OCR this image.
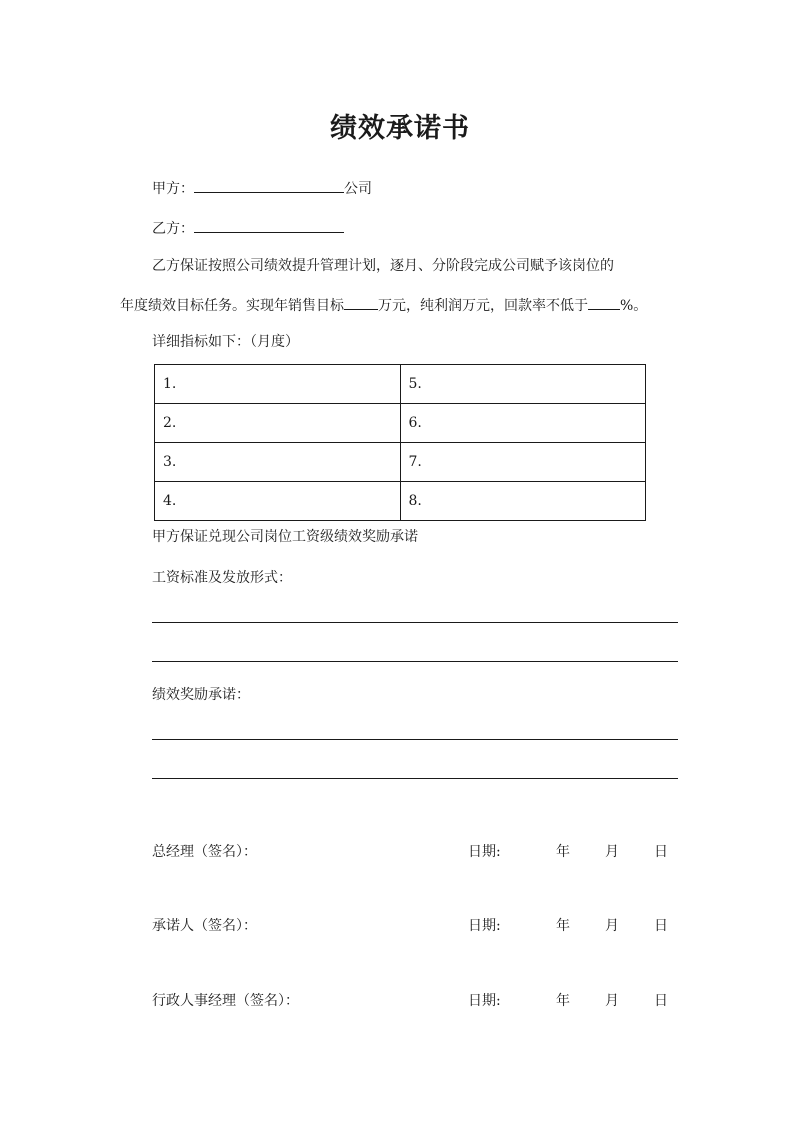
绩效承诺书
甲方：	公司
乙方：
乙方保证按照公司绩效提升管理计划，逐月、分阶段完成公司赋予该岗位的
年度绩效目标任务。实现年销售目标 万元，纯利润万元，回款率不低于 %。
详细指标如下：（月度）
1.	5.
2.	6.
3.	7.
4.	8.
甲方保证兑现公司岗位工资级绩效奖励承诺
工资标准及发放形式：
绩效奖励承诺：
总经理（签名）：	日期:	年	月	日
承诺人（签名）：	日期:	年	月	日
行政人事经理（签名）：	日期:	年	月	日
